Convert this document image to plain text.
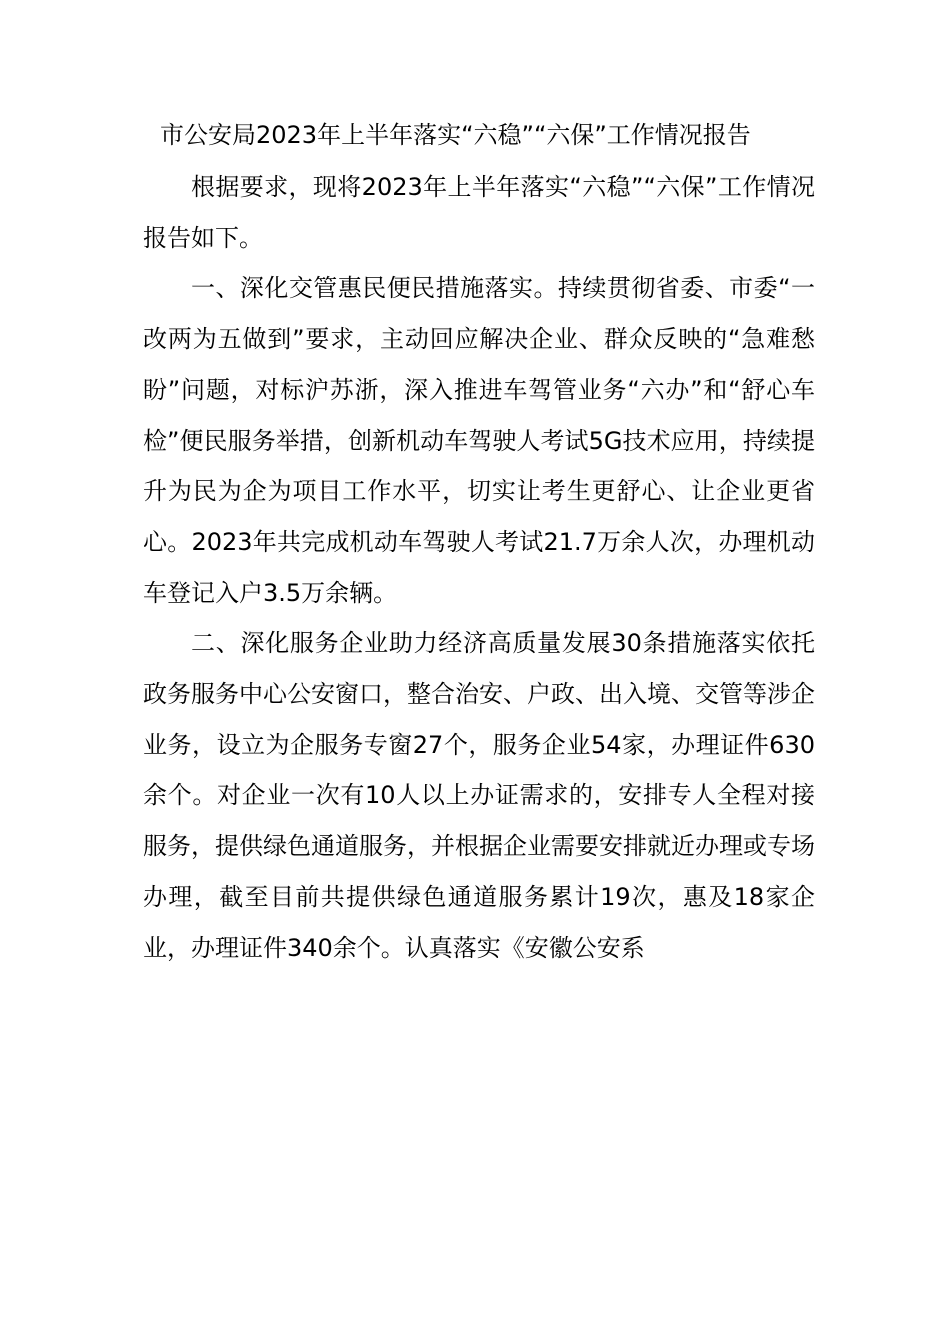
市公安局2023年上半年落实“六稳”“六保”工作情况报告

根据要求，现将2023年上半年落实“六稳”“六保”工作情况报告如下。

一、深化交管惠民便民措施落实。持续贯彻省委、市委“一改两为五做到”要求，主动回应解决企业、群众反映的“急难愁盼”问题，对标沪苏浙，深入推进车驾管业务“六办”和“舒心车检”便民服务举措，创新机动车驾驶人考试5G技术应用，持续提升为民为企为项目工作水平，切实让考生更舒心、让企业更省心。2023年共完成机动车驾驶人考试21.7万余人次，办理机动车登记入户3.5万余辆。

二、深化服务企业助力经济高质量发展30条措施落实依托政务服务中心公安窗口，整合治安、户政、出入境、交管等涉企业务，设立为企服务专窗27个，服务企业54家，办理证件630余个。对企业一次有10人以上办证需求的，安排专人全程对接服务，提供绿色通道服务，并根据企业需要安排就近办理或专场办理，截至目前共提供绿色通道服务累计19次，惠及18家企业，办理证件340余个。认真落实《安徽公安系
